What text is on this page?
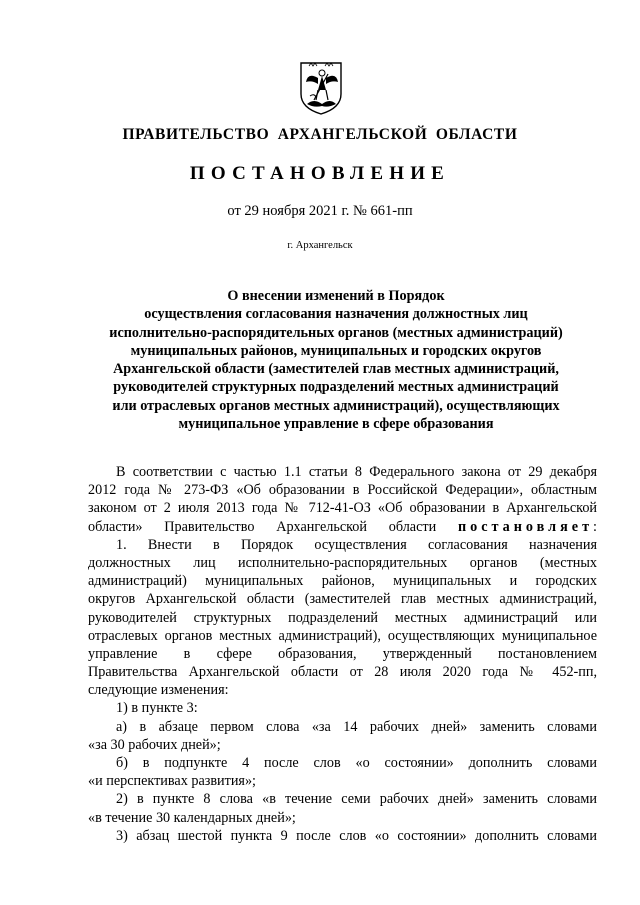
ПРАВИТЕЛЬСТВО АРХАНГЕЛЬСКОЙ ОБЛАСТИ
ПОСТАНОВЛЕНИЕ
от 29 ноября 2021 г. № 661-пп
г. Архангельск
О внесении изменений в Порядок
осуществления согласования назначения должностных лиц
исполнительно-распорядительных органов (местных администраций)
муниципальных районов, муниципальных и городских округов
Архангельской области (заместителей глав местных администраций,
руководителей структурных подразделений местных администраций
или отраслевых органов местных администраций), осуществляющих
муниципальное управление в сфере образования
В соответствии с частью 1.1 статьи 8 Федерального закона от 29 декабря
2012 года № 273-ФЗ «Об образовании в Российской Федерации», областным
законом от 2 июля 2013 года № 712-41-ОЗ «Об образовании в Архангельской
области» Правительство Архангельской области постановляет:
1. Внести в Порядок осуществления согласования назначения
должностных лиц исполнительно-распорядительных органов (местных
администраций) муниципальных районов, муниципальных и городских
округов Архангельской области (заместителей глав местных администраций,
руководителей структурных подразделений местных администраций или
отраслевых органов местных администраций), осуществляющих муниципальное
управление в сфере образования, утвержденный постановлением
Правительства Архангельской области от 28 июля 2020 года № 452-пп,
следующие изменения:
1) в пункте 3:
а) в абзаце первом слова «за 14 рабочих дней» заменить словами
«за 30 рабочих дней»;
б) в подпункте 4 после слов «о состоянии» дополнить словами
«и перспективах развития»;
2) в пункте 8 слова «в течение семи рабочих дней» заменить словами
«в течение 30 календарных дней»;
3) абзац шестой пункта 9 после слов «о состоянии» дополнить словами
